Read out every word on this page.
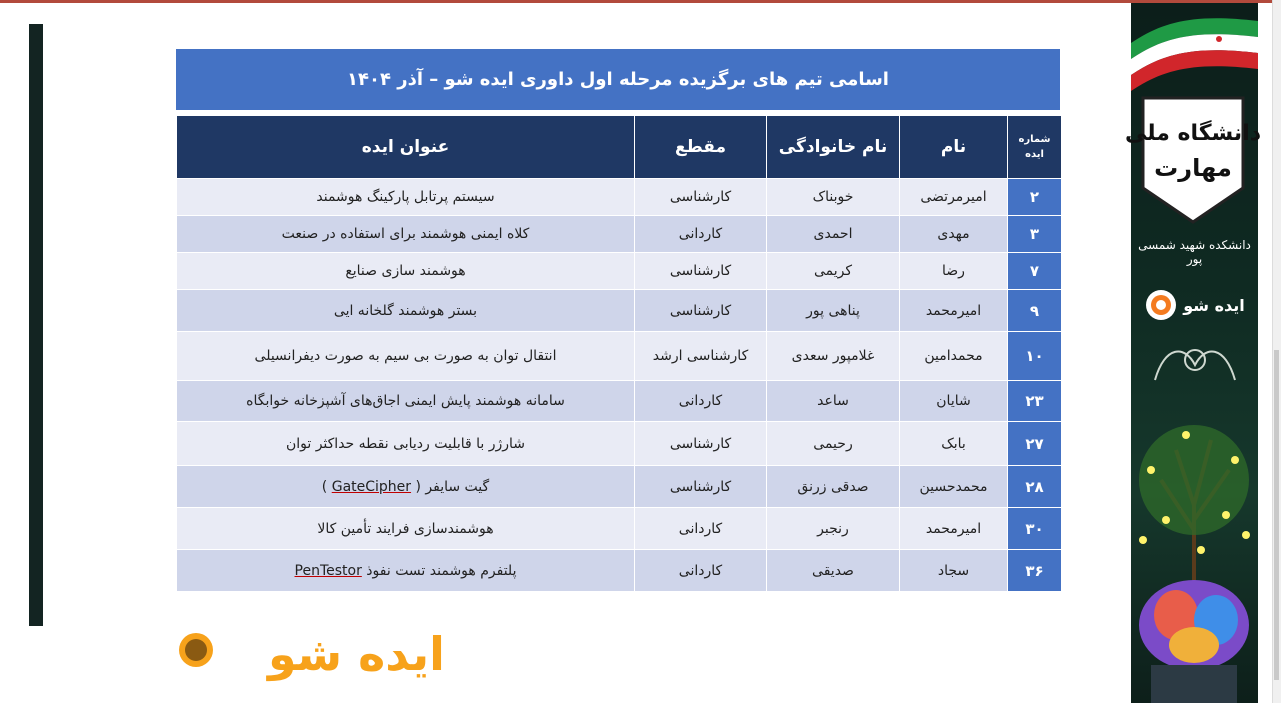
اسامی تیم های برگزیده مرحله اول داوری ایده شو – آذر ۱۴۰۴
شماره
ایده	نام	نام خانوادگی	مقطع	عنوان ایده
۲	امیرمرتضی	خوبناک	کارشناسی	سیستم پرتابل پارکینگ هوشمند
۳	مهدی	احمدی	کاردانی	کلاه ایمنی هوشمند برای استفاده در صنعت
۷	رضا	کریمی	کارشناسی	هوشمند سازی صنایع
۹	امیرمحمد	پناهی پور	کارشناسی	بستر هوشمند گلخانه ایی
۱۰	محمدامین	غلامپور سعدی	کارشناسی ارشد	انتقال توان به صورت بی سیم به صورت دیفرانسیلی
۲۳	شایان	ساعد	کاردانی	سامانه هوشمند پایش ایمنی اجاق‌های آشپزخانه خوابگاه
۲۷	بابک	رحیمی	کارشناسی	شارژر با قابلیت ردیابی نقطه حداکثر توان
۲۸	محمدحسین	صدقی زرنق	کارشناسی	گیت سایفر ( GateCipher )
۳۰	امیرمحمد	رنجبر	کاردانی	هوشمندسازی فرایند تأمین کالا
۳۶	سجاد	صدیقی	کاردانی	پلتفرم هوشمند تست نفوذ PenTestor
دانشگاه ملی
مهارت
دانشکده شهید شمسی پور
ایده شو
ایده شو
